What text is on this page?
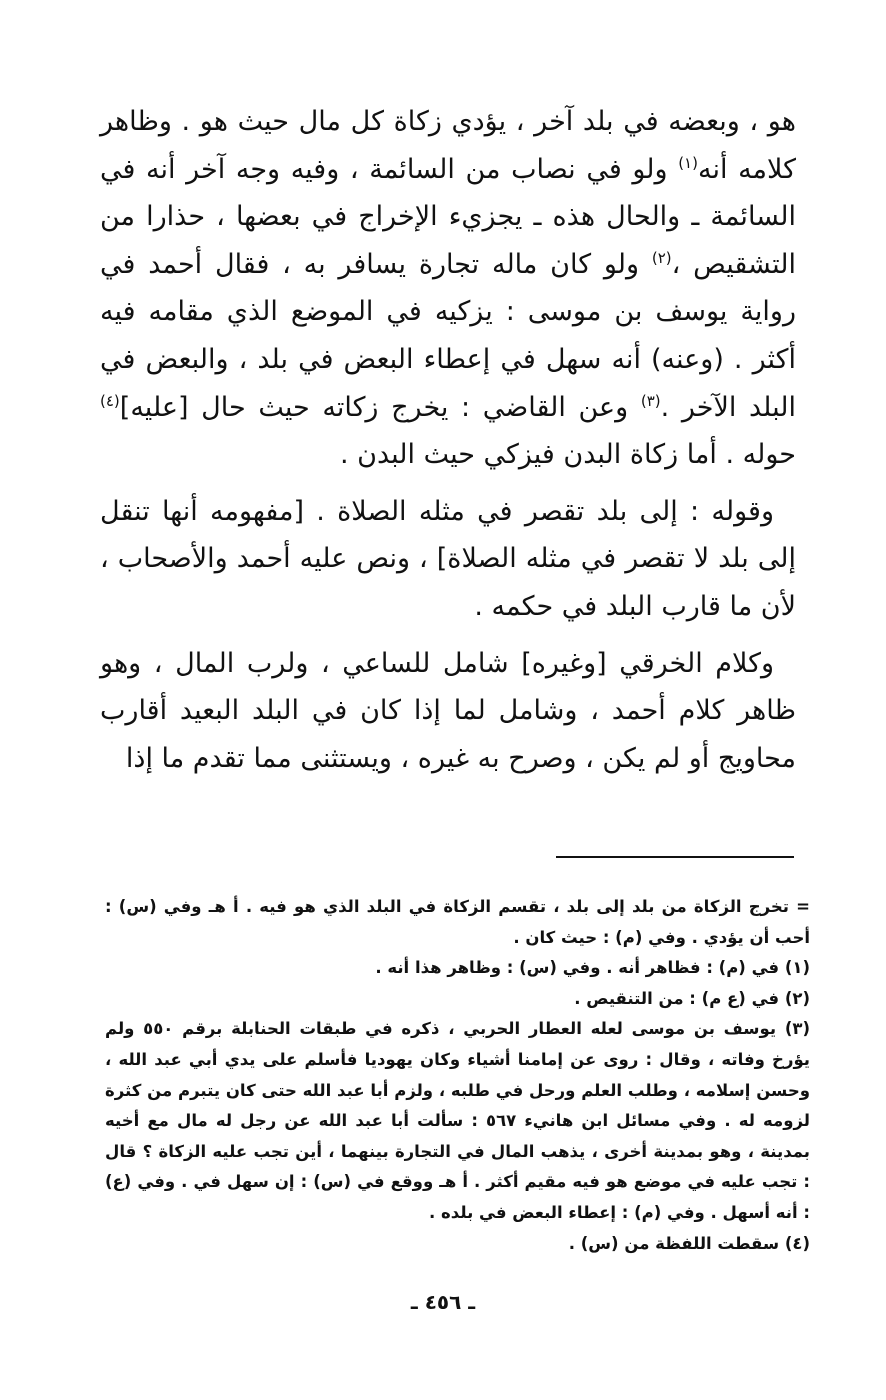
هو ، وبعضه في بلد آخر ، يؤدي زكاة كل مال حيث هو . وظاهر كلامه أنه$^{(١)}$ ولو في نصاب من السائمة ، وفيه وجه آخر أنه في السائمة ـ والحال هذه ـ يجزيء الإخراج في بعضها ، حذارا من التشقيص ،$^{(٢)}$ ولو كان ماله تجارة يسافر به ، فقال أحمد في رواية يوسف بن موسى : يزكيه في الموضع الذي مقامه فيه أكثر . (وعنه) أنه سهل في إعطاء البعض في بلد ، والبعض في البلد الآخر .$^{(٣)}$ وعن القاضي : يخرج زكاته حيث حال [عليه]$^{(٤)}$ حوله . أما زكاة البدن فيزكي حيث البدن .

وقوله : إلى بلد تقصر في مثله الصلاة . [مفهومه أنها تنقل إلى بلد لا تقصر في مثله الصلاة] ، ونص عليه أحمد والأصحاب ، لأن ما قارب البلد في حكمه .

وكلام الخرقي [وغيره] شامل للساعي ، ولرب المال ، وهو ظاهر كلام أحمد ، وشامل لما إذا كان في البلد البعيد أقارب محاويج أو لم يكن ، وصرح به غيره ، ويستثنى مما تقدم ما إذا

= تخرج الزكاة من بلد إلى بلد ، تقسم الزكاة في البلد الذي هو فيه . أ هـ وفي (س) : أحب أن يؤدي . وفي (م) : حيث كان .

(١) في (م) : فظاهر أنه . وفي (س) : وظاهر هذا أنه .

(٢) في (ع م) : من التنقيص .

(٣) يوسف بن موسى لعله العطار الحربي ، ذكره في طبقات الحنابلة برقم ٥٥٠ ولم يؤرخ وفاته ، وقال : روى عن إمامنا أشياء وكان يهوديا فأسلم على يدي أبي عبد الله ، وحسن إسلامه ، وطلب العلم ورحل في طلبه ، ولزم أبا عبد الله حتى كان يتبرم من كثرة لزومه له . وفي مسائل ابن هانيء ٥٦٧ : سألت أبا عبد الله عن رجل له مال مع أخيه بمدينة ، وهو بمدينة أخرى ، يذهب المال في التجارة بينهما ، أين تجب عليه الزكاة ؟ قال : تجب عليه في موضع هو فيه مقيم أكثر . أ هـ ووقع في (س) : إن سهل في . وفي (ع) : أنه أسهل . وفي (م) : إعطاء البعض في بلده .

(٤) سقطت اللفظة من (س) .

ـ ٤٥٦ ـ
